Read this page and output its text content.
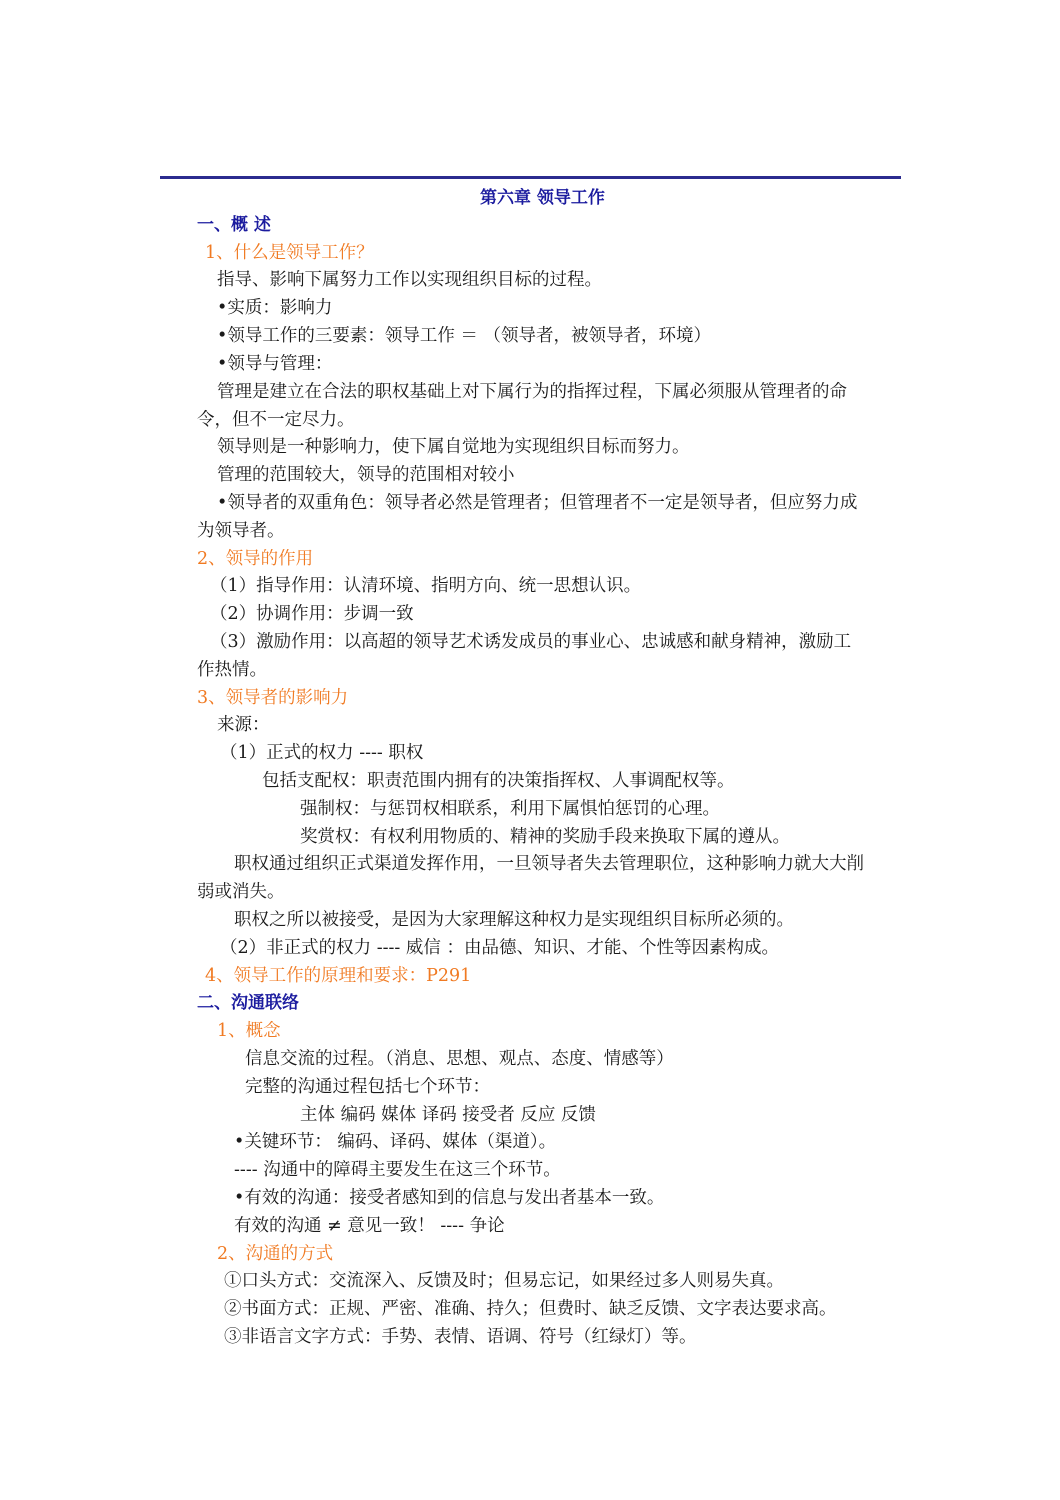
第六章 领导工作
一、概 述
1、什么是领导工作？
指导、影响下属努力工作以实现组织目标的过程。
•实质：影响力
•领导工作的三要素：领导工作 ＝ （领导者，被领导者，环境）
•领导与管理：
管理是建立在合法的职权基础上对下属行为的指挥过程，下属必须服从管理者的命
令，但不一定尽力。
领导则是一种影响力，使下属自觉地为实现组织目标而努力。
管理的范围较大，领导的范围相对较小
•领导者的双重角色：领导者必然是管理者；但管理者不一定是领导者，但应努力成
为领导者。
2、领导的作用
（1）指导作用：认清环境、指明方向、统一思想认识。
（2）协调作用：步调一致
（3）激励作用：以高超的领导艺术诱发成员的事业心、忠诚感和献身精神，激励工
作热情。
3、领导者的影响力
来源：
（1）正式的权力 ---- 职权
包括支配权：职责范围内拥有的决策指挥权、人事调配权等。
强制权：与惩罚权相联系，利用下属惧怕惩罚的心理。
奖赏权：有权利用物质的、精神的奖励手段来换取下属的遵从。
职权通过组织正式渠道发挥作用，一旦领导者失去管理职位，这种影响力就大大削
弱或消失。
职权之所以被接受，是因为大家理解这种权力是实现组织目标所必须的。
（2）非正式的权力 ---- 威信 ：由品德、知识、才能、个性等因素构成。
4、领导工作的原理和要求：P291
二、沟通联络
1、概念
信息交流的过程。（消息、思想、观点、态度、情感等）
完整的沟通过程包括七个环节：
主体 编码 媒体 译码 接受者 反应 反馈
•关键环节： 编码、译码、媒体（渠道）。
---- 沟通中的障碍主要发生在这三个环节。
•有效的沟通：接受者感知到的信息与发出者基本一致。
有效的沟通 ≠ 意见一致！ ---- 争论
2、沟通的方式
①口头方式：交流深入、反馈及时；但易忘记，如果经过多人则易失真。
②书面方式：正规、严密、准确、持久；但费时、缺乏反馈、文字表达要求高。
③非语言文字方式：手势、表情、语调、符号（红绿灯）等。
